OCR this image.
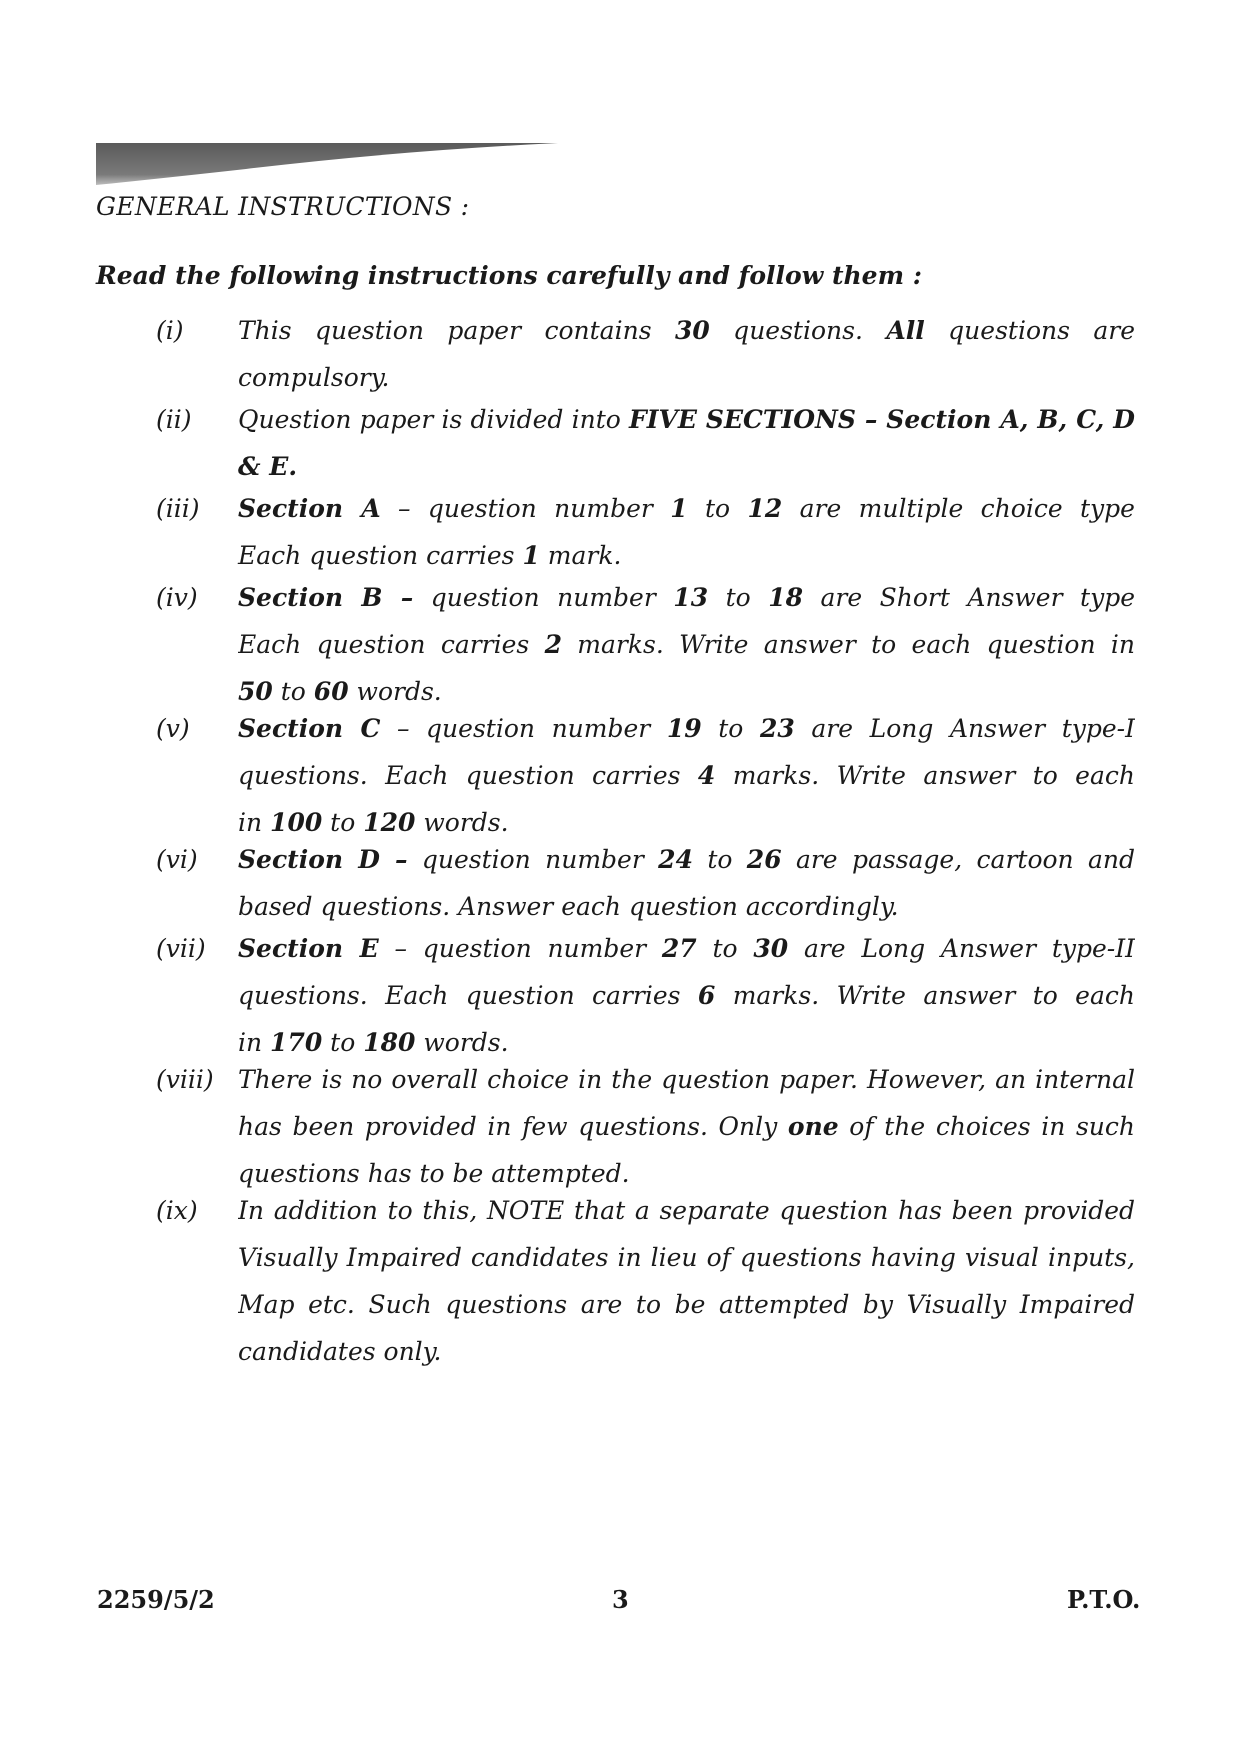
GENERAL INSTRUCTIONS :
Read the following instructions carefully and follow them :
(i) This question paper contains 30 questions. All questions are
compulsory.
(ii) Question paper is divided into FIVE SECTIONS – Section A, B, C, D
& E.
(iii) Section A – question number 1 to 12 are multiple choice type
Each question carries 1 mark.
(iv) Section B – question number 13 to 18 are Short Answer type
Each question carries 2 marks. Write answer to each question in
50 to 60 words.
(v) Section C – question number 19 to 23 are Long Answer type-I
questions. Each question carries 4 marks. Write answer to each
in 100 to 120 words.
(vi) Section D – question number 24 to 26 are passage, cartoon and
based questions. Answer each question accordingly.
(vii) Section E – question number 27 to 30 are Long Answer type-II
questions. Each question carries 6 marks. Write answer to each
in 170 to 180 words.
(viii) There is no overall choice in the question paper. However, an internal
has been provided in few questions. Only one of the choices in such
questions has to be attempted.
(ix) In addition to this, NOTE that a separate question has been provided
Visually Impaired candidates in lieu of questions having visual inputs,
Map etc. Such questions are to be attempted by Visually Impaired
candidates only.
2259/5/2	3	P.T.O.
